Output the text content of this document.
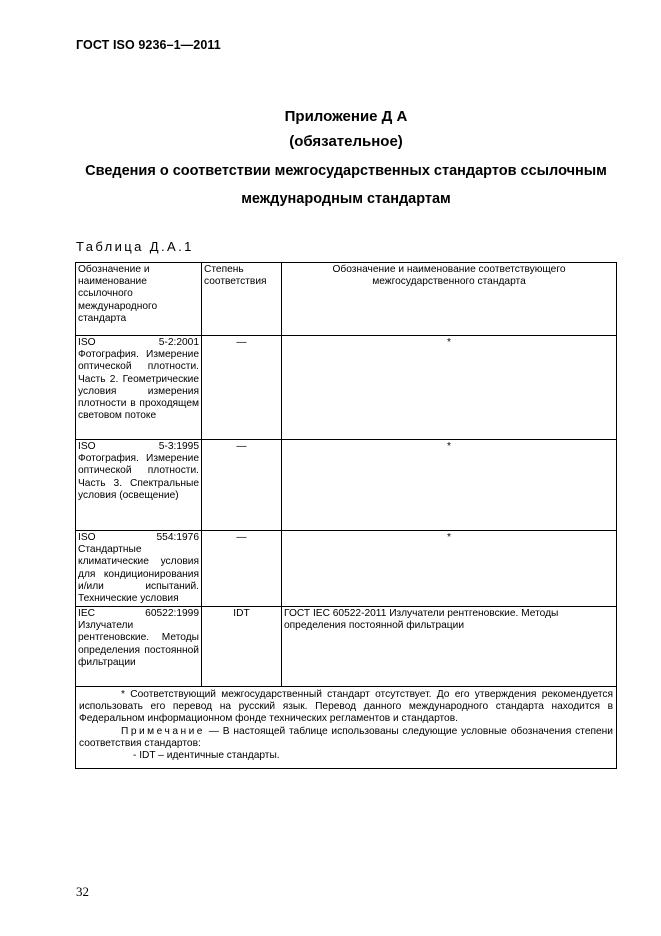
ГОСТ ISO 9236–1—2011
Приложение Д А
(обязательное)
Сведения о соответствии межгосударственных стандартов ссылочным международным стандартам
Таблица Д.А.1
Обозначение и наименование ссылочного международного стандарта	Степень соответствия	Обозначение и наименование соответствующего межгосударственного стандарта
ISO 5-2:2001 Фотография. Измерение оптической плотности. Часть 2. Геометрические условия измерения плотности в проходящем световом потоке	—	*
ISO 5-3:1995 Фотография. Измерение оптической плотности. Часть 3. Спектральные условия (освещение)	—	*
ISO 554:1976 Стандартные климатические условия для кондиционирования и/или испытаний. Технические условия	—	*
IEC 60522:1999 Излучатели рентгеновские. Методы определения постоянной фильтрации	IDT	ГОСТ IEC 60522-2011 Излучатели рентгеновские. Методы определения постоянной фильтрации

* Соответствующий межгосударственный стандарт отсутствует. До его утверждения рекомендуется использовать его перевод на русский язык. Перевод данного международного стандарта находится в Федеральном информационном фонде технических регламентов и стандартов.
Примечание — В настоящей таблице использованы следующие условные обозначения степени соответствия стандартов:
- IDT – идентичные стандарты.		
32
